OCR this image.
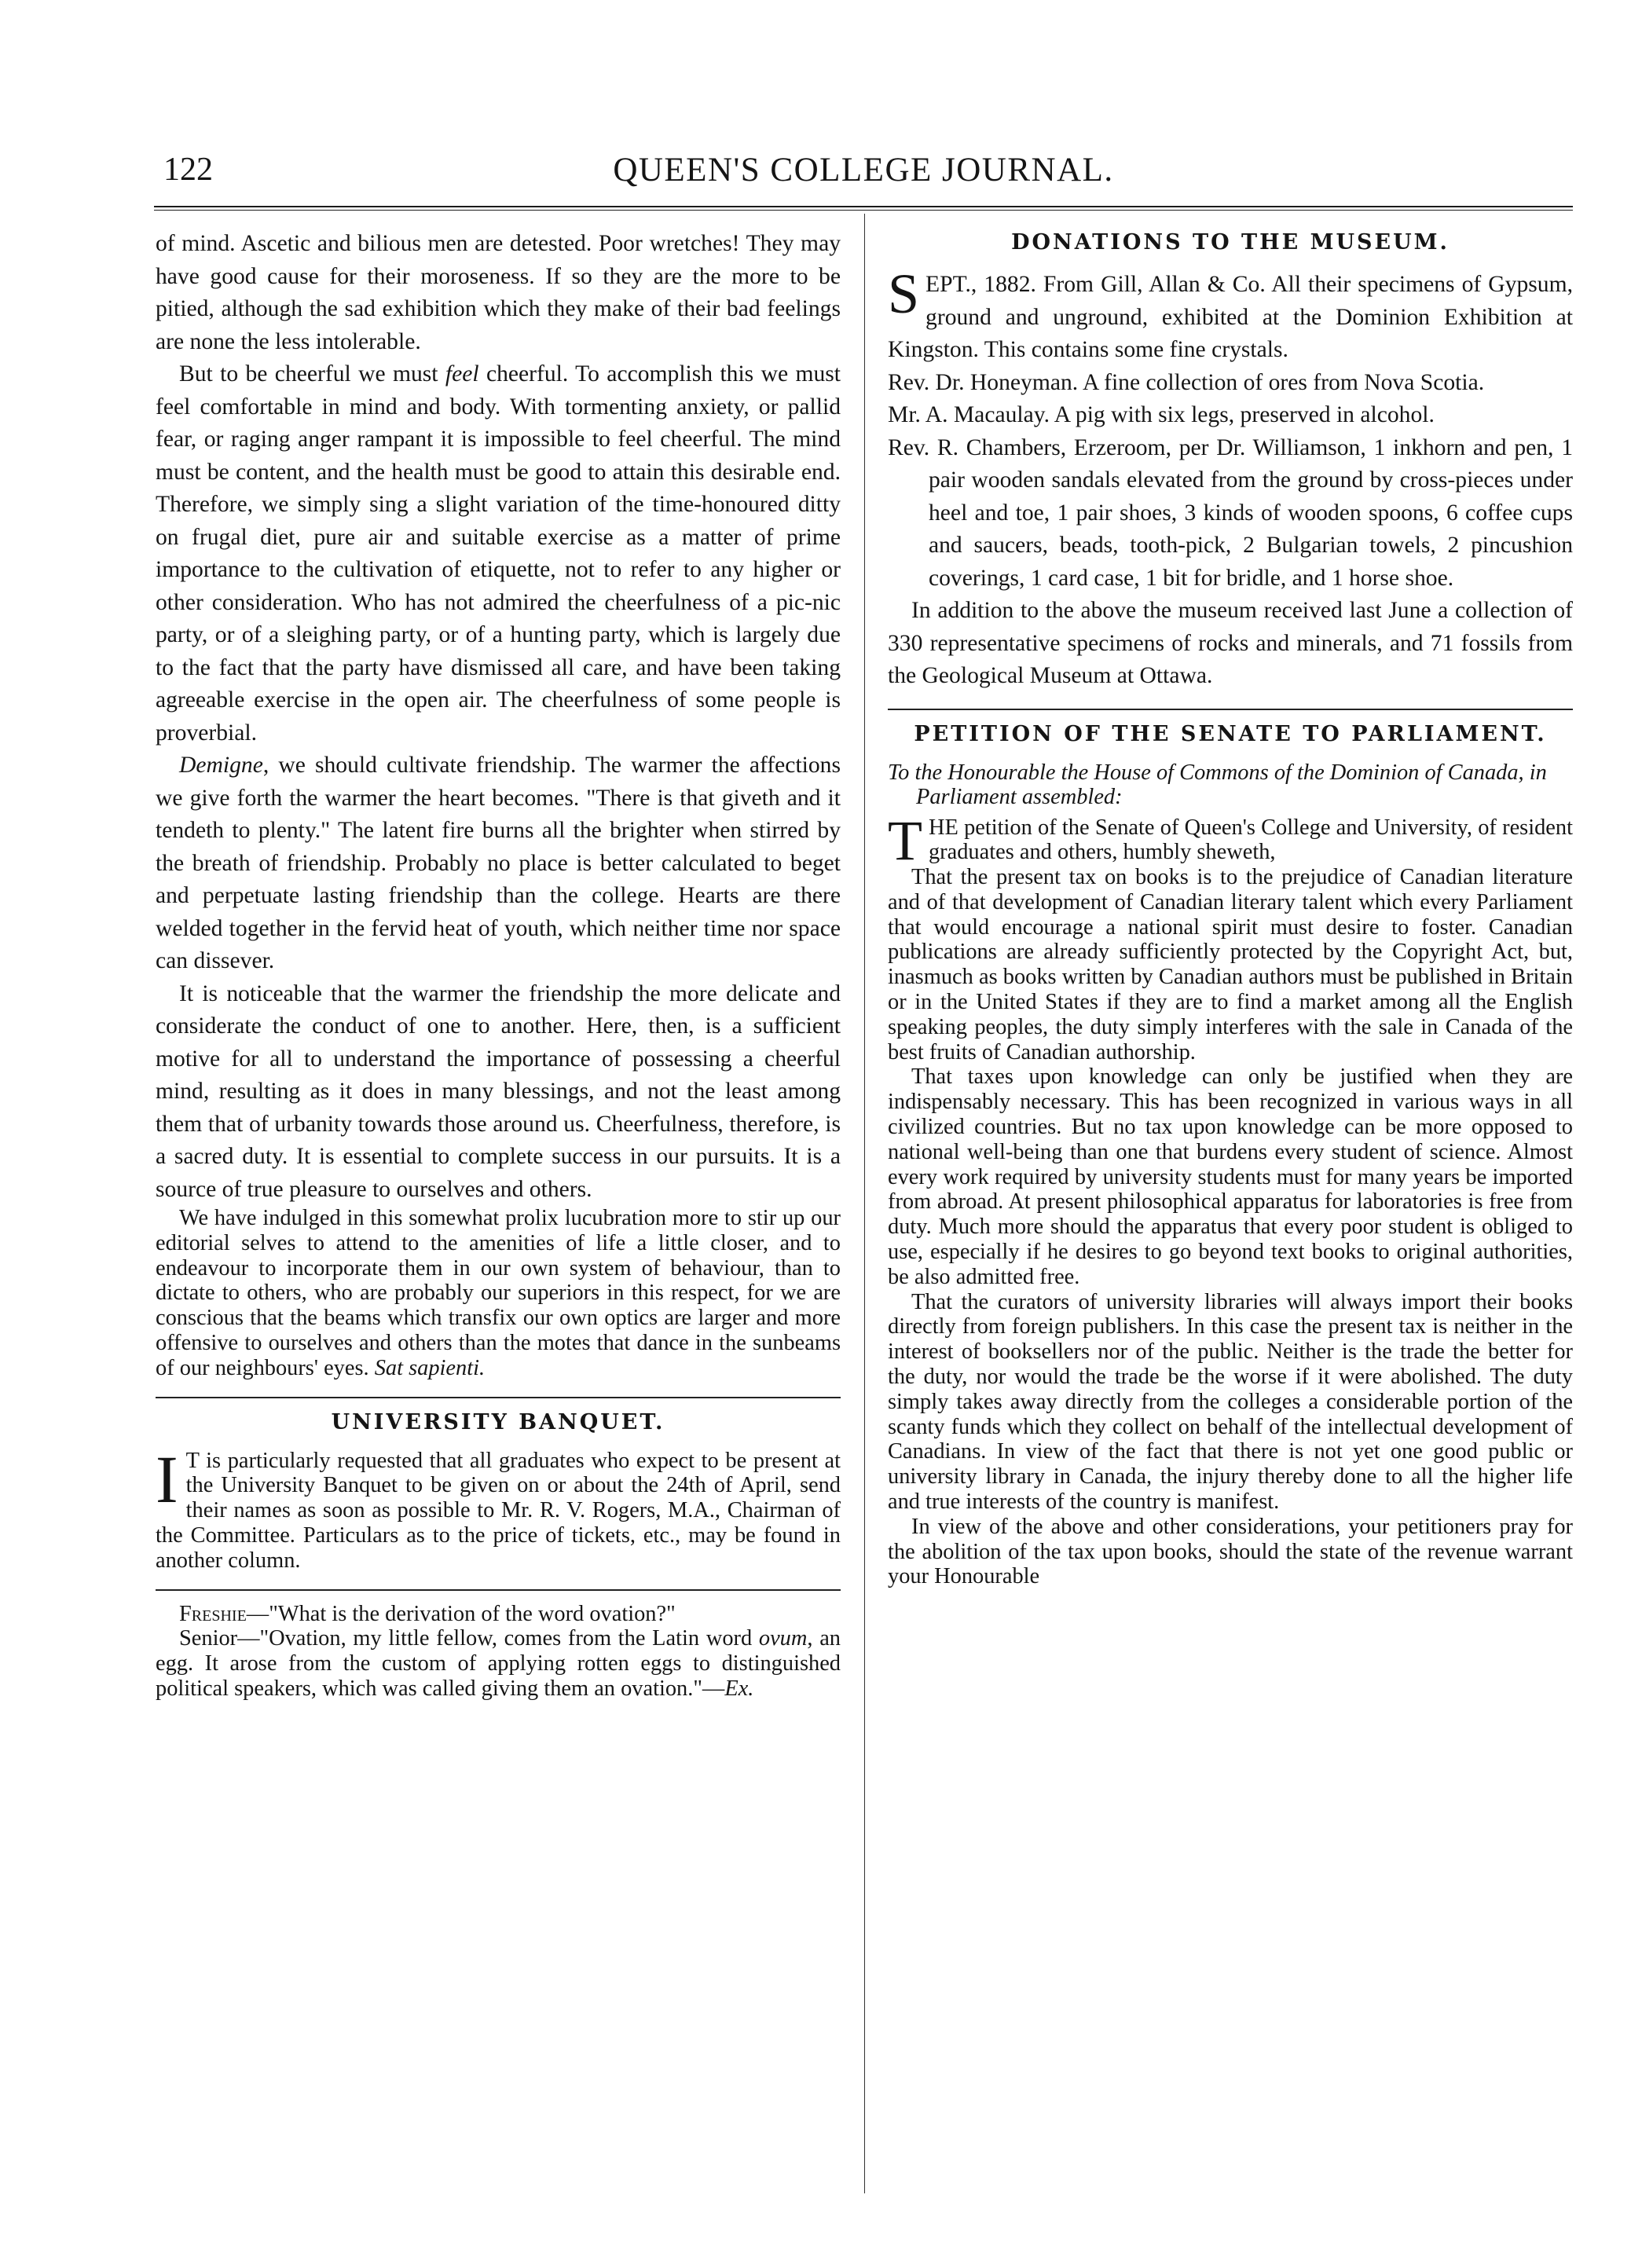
122	QUEEN'S COLLEGE JOURNAL.

of mind. Ascetic and bilious men are detested. Poor wretches! They may have good cause for their moroseness. If so they are the more to be pitied, although the sad exhibition which they make of their bad feelings are none the less intolerable.

But to be cheerful we must feel cheerful. To accomplish this we must feel comfortable in mind and body. With tormenting anxiety, or pallid fear, or raging anger rampant it is impossible to feel cheerful. The mind must be content, and the health must be good to attain this desirable end. Therefore, we simply sing a slight variation of the time-honoured ditty on frugal diet, pure air and suitable exercise as a matter of prime importance to the cultivation of etiquette, not to refer to any higher or other consideration. Who has not admired the cheerfulness of a pic-nic party, or of a sleighing party, or of a hunting party, which is largely due to the fact that the party have dismissed all care, and have been taking agreeable exercise in the open air. The cheerfulness of some people is proverbial.

Demigne, we should cultivate friendship. The warmer the affections we give forth the warmer the heart becomes. "There is that giveth and it tendeth to plenty." The latent fire burns all the brighter when stirred by the breath of friendship. Probably no place is better calculated to beget and perpetuate lasting friendship than the college. Hearts are there welded together in the fervid heat of youth, which neither time nor space can dissever.

It is noticeable that the warmer the friendship the more delicate and considerate the conduct of one to another. Here, then, is a sufficient motive for all to understand the importance of possessing a cheerful mind, resulting as it does in many blessings, and not the least among them that of urbanity towards those around us. Cheerfulness, therefore, is a sacred duty. It is essential to complete success in our pursuits. It is a source of true pleasure to ourselves and others.

We have indulged in this somewhat prolix lucubration more to stir up our editorial selves to attend to the amenities of life a little closer, and to endeavour to incorporate them in our own system of behaviour, than to dictate to others, who are probably our superiors in this respect, for we are conscious that the beams which transfix our own optics are larger and more offensive to ourselves and others than the motes that dance in the sunbeams of our neighbours' eyes. Sat sapienti.

UNIVERSITY BANQUET.

I T is particularly requested that all graduates who expect to be present at the University Banquet to be given on or about the 24th of April, send their names as soon as possible to Mr. R. V. Rogers, M.A., Chairman of the Committee. Particulars as to the price of tickets, etc., may be found in another column.

Freshie—"What is the derivation of the word ovation?"

Senior—"Ovation, my little fellow, comes from the Latin word ovum, an egg. It arose from the custom of applying rotten eggs to distinguished political speakers, which was called giving them an ovation."—Ex.

DONATIONS TO THE MUSEUM.

SEPT., 1882. From Gill, Allan & Co. All their specimens of Gypsum, ground and unground, exhibited at the Dominion Exhibition at Kingston. This contains some fine crystals.

Rev. Dr. Honeyman. A fine collection of ores from Nova Scotia.

Mr. A. Macaulay. A pig with six legs, preserved in alcohol.

Rev. R. Chambers, Erzeroom, per Dr. Williamson, 1 inkhorn and pen, 1 pair wooden sandals elevated from the ground by cross-pieces under heel and toe, 1 pair shoes, 3 kinds of wooden spoons, 6 coffee cups and saucers, beads, tooth-pick, 2 Bulgarian towels, 2 pincushion coverings, 1 card case, 1 bit for bridle, and 1 horse shoe.

In addition to the above the museum received last June a collection of 330 representative specimens of rocks and minerals, and 71 fossils from the Geological Museum at Ottawa.

PETITION OF THE SENATE TO PARLIAMENT.

To the Honourable the House of Commons of the Dominion of Canada, in Parliament assembled:

THE petition of the Senate of Queen's College and University, of resident graduates and others, humbly sheweth,

That the present tax on books is to the prejudice of Canadian literature and of that development of Canadian literary talent which every Parliament that would encourage a national spirit must desire to foster. Canadian publications are already sufficiently protected by the Copyright Act, but, inasmuch as books written by Canadian authors must be published in Britain or in the United States if they are to find a market among all the English speaking peoples, the duty simply interferes with the sale in Canada of the best fruits of Canadian authorship.

That taxes upon knowledge can only be justified when they are indispensably necessary. This has been recognized in various ways in all civilized countries. But no tax upon knowledge can be more opposed to national well-being than one that burdens every student of science. Almost every work required by university students must for many years be imported from abroad. At present philosophical apparatus for laboratories is free from duty. Much more should the apparatus that every poor student is obliged to use, especially if he desires to go beyond text books to original authorities, be also admitted free.

That the curators of university libraries will always import their books directly from foreign publishers. In this case the present tax is neither in the interest of booksellers nor of the public. Neither is the trade the better for the duty, nor would the trade be the worse if it were abolished. The duty simply takes away directly from the colleges a considerable portion of the scanty funds which they collect on behalf of the intellectual development of Canadians. In view of the fact that there is not yet one good public or university library in Canada, the injury thereby done to all the higher life and true interests of the country is manifest.

In view of the above and other considerations, your petitioners pray for the abolition of the tax upon books, should the state of the revenue warrant your Honourable
